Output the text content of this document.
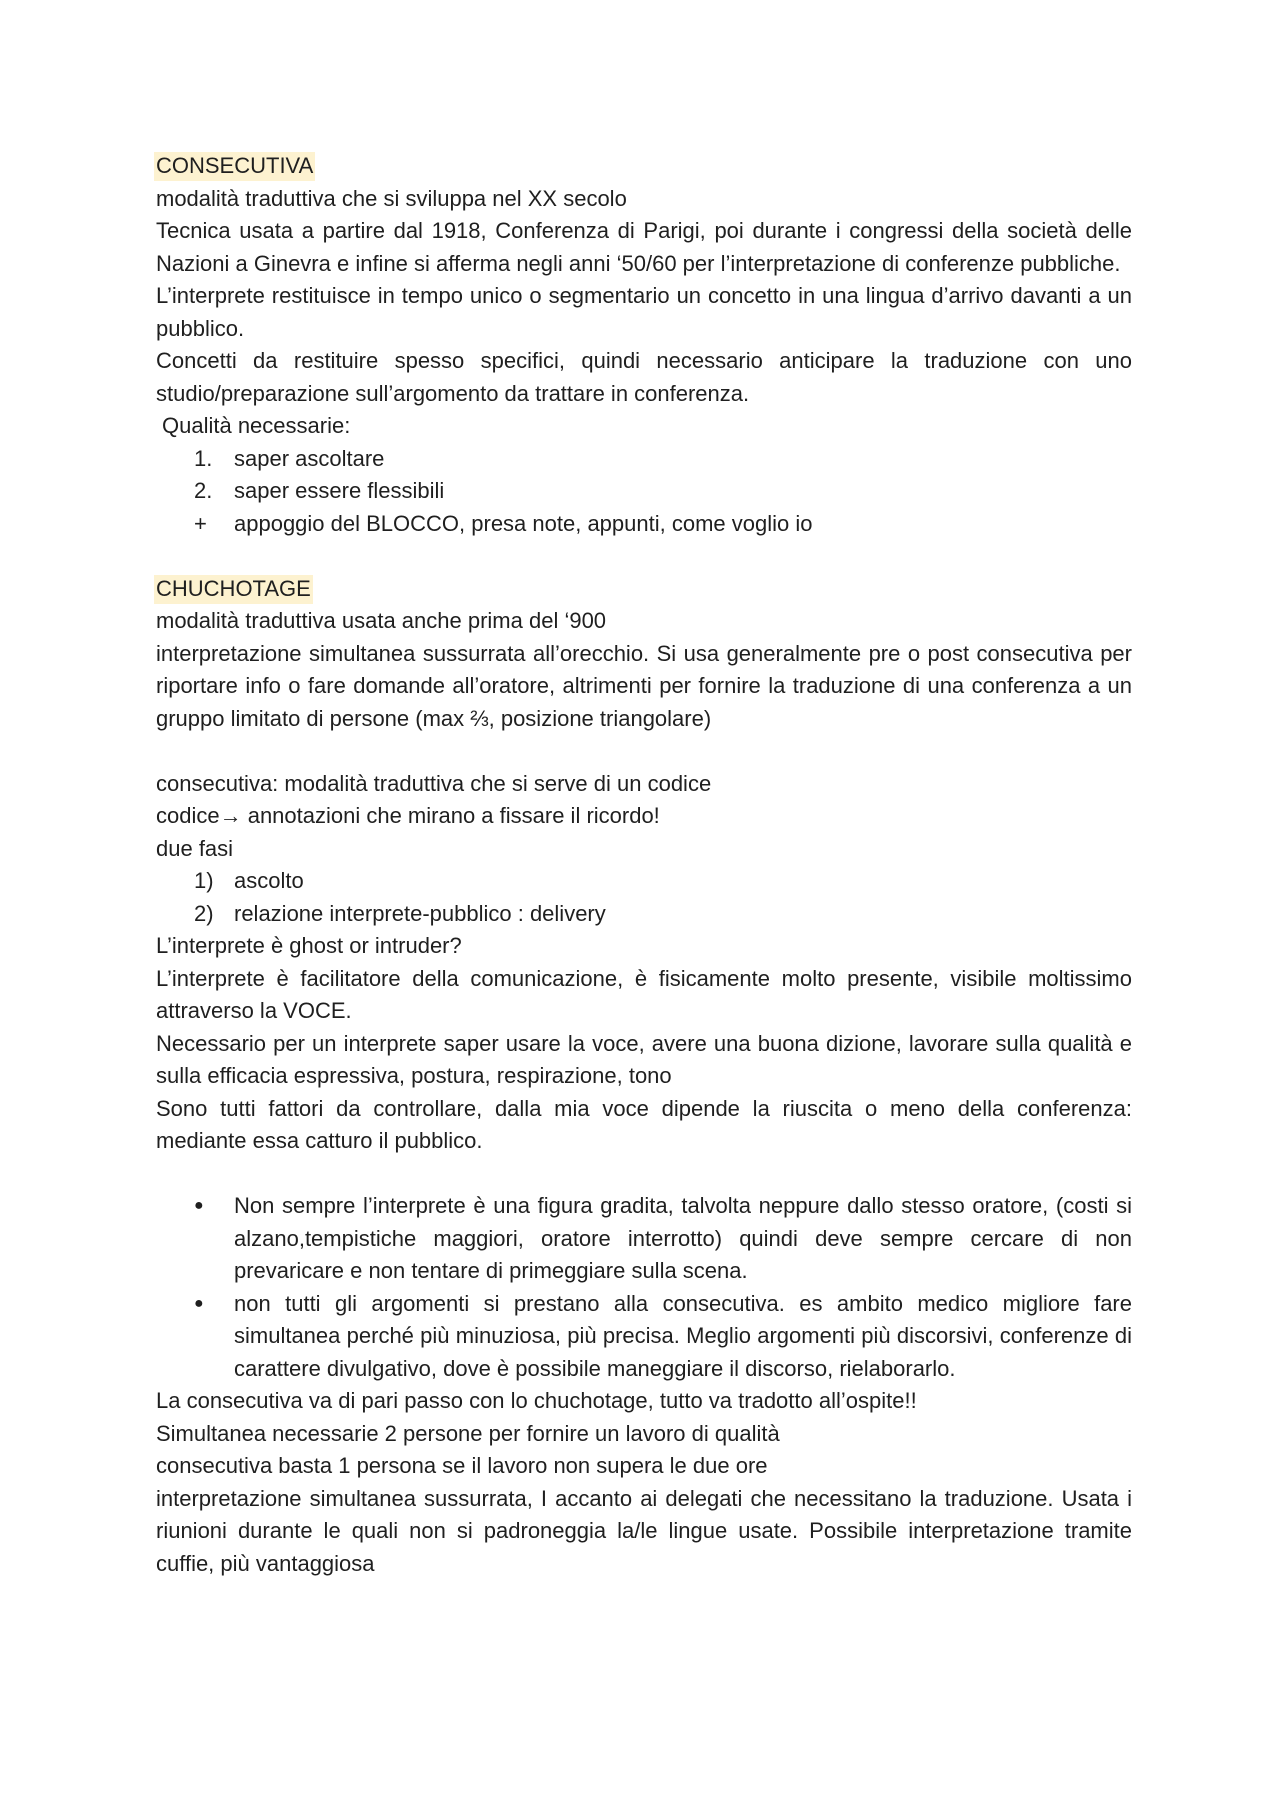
CONSECUTIVA

modalità traduttiva che si sviluppa nel XX secolo

Tecnica usata a partire dal 1918, Conferenza di Parigi, poi durante i congressi della società delle Nazioni a Ginevra e infine si afferma negli anni ‘50/60 per l’interpretazione di conferenze pubbliche.

L’interprete restituisce in tempo unico o segmentario un concetto in una lingua d’arrivo davanti a un pubblico.

Concetti da restituire spesso specifici, quindi necessario anticipare la traduzione con uno studio/preparazione sull’argomento da trattare in conferenza.

Qualità necessarie:

1. saper ascoltare
2. saper essere flessibili
+	appoggio del BLOCCO, presa note, appunti, come voglio io
CHUCHOTAGE

modalità traduttiva usata anche prima del ‘900

interpretazione simultanea sussurrata all’orecchio. Si usa generalmente pre o post consecutiva per riportare info o fare domande all’oratore, altrimenti per fornire la traduzione di una conferenza a un gruppo limitato di persone (max ⅔, posizione triangolare)

consecutiva: modalità traduttiva che si serve di un codice

codice→ annotazioni che mirano a fissare il ricordo!

due fasi

1) ascolto
2) relazione interprete-pubblico : delivery

L’interprete è ghost or intruder?

L’interprete è facilitatore della comunicazione, è fisicamente molto presente, visibile moltissimo attraverso la VOCE.

Necessario per un interprete saper usare la voce, avere una buona dizione, lavorare sulla qualità e sulla efficacia espressiva, postura, respirazione, tono

Sono tutti fattori da controllare, dalla mia voce dipende la riuscita o meno della conferenza: mediante essa catturo il pubblico.

●	Non sempre l’interprete è una figura gradita, talvolta neppure dallo stesso oratore, (costi si alzano,tempistiche maggiori, oratore interrotto) quindi deve sempre cercare di non prevaricare e non tentare di primeggiare sulla scena.
●	non tutti gli argomenti si prestano alla consecutiva. es ambito medico migliore fare simultanea perché più minuziosa, più precisa. Meglio argomenti più discorsivi, conferenze di carattere divulgativo, dove è possibile maneggiare il discorso, rielaborarlo.

La consecutiva va di pari passo con lo chuchotage, tutto va tradotto all’ospite!!

Simultanea necessarie 2 persone per fornire un lavoro di qualità

consecutiva basta 1 persona se il lavoro non supera le due ore

interpretazione simultanea sussurrata, I accanto ai delegati che necessitano la traduzione. Usata i riunioni durante le quali non si padroneggia la/le lingue usate. Possibile interpretazione tramite cuffie, più vantaggiosa
